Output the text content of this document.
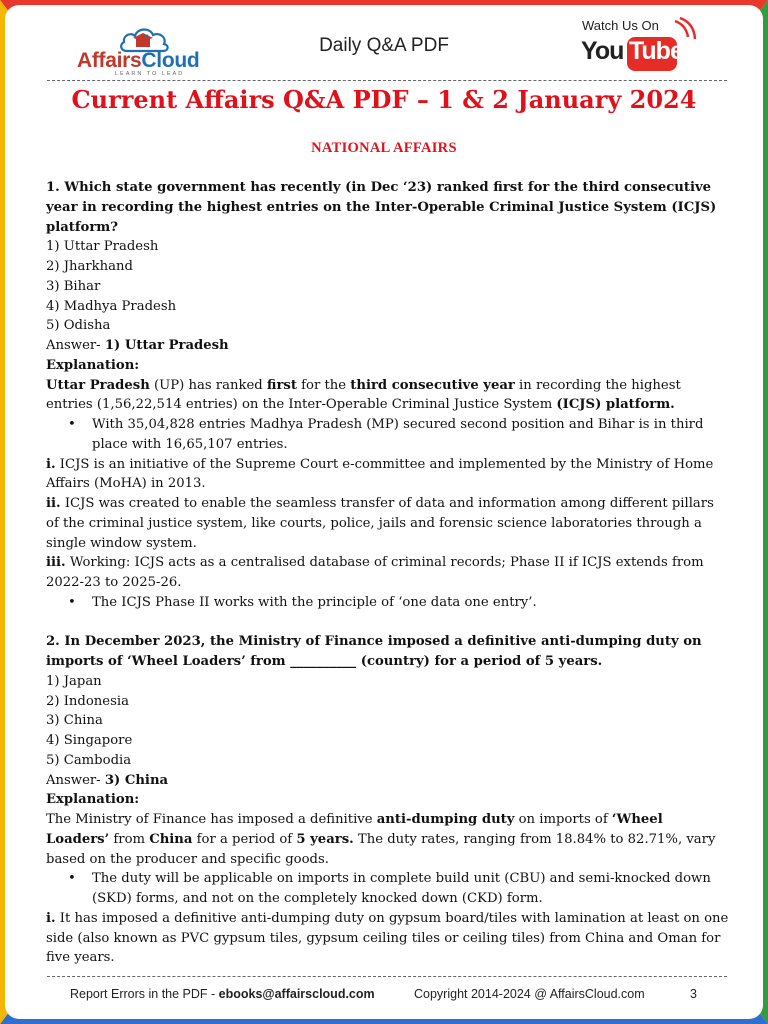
AffairsCloud
LEARN TO LEAD
Daily Q&A PDF
Watch Us On
You Tube
Current Affairs Q&A PDF – 1 & 2 January 2024
NATIONAL AFFAIRS

1. Which state government has recently (in Dec ‘23) ranked first for the third consecutive year in recording the highest entries on the Inter-Operable Criminal Justice System (ICJS) platform?

1) Uttar Pradesh

2) Jharkhand

3) Bihar

4) Madhya Pradesh

5) Odisha

Answer- 1) Uttar Pradesh

Explanation:

Uttar Pradesh (UP) has ranked first for the third consecutive year in recording the highest entries (1,56,22,514 entries) on the Inter-Operable Criminal Justice System (ICJS) platform.

• With 35,04,828 entries Madhya Pradesh (MP) secured second position and Bihar is in third place with 16,65,107 entries.

i. ICJS is an initiative of the Supreme Court e-committee and implemented by the Ministry of Home Affairs (MoHA) in 2013.

ii. ICJS was created to enable the seamless transfer of data and information among different pillars of the criminal justice system, like courts, police, jails and forensic science laboratories through a single window system.

iii. Working: ICJS acts as a centralised database of criminal records; Phase II if ICJS extends from 2022-23 to 2025-26.

• The ICJS Phase II works with the principle of ‘one data one entry’.

2. In December 2023, the Ministry of Finance imposed a definitive anti-dumping duty on imports of ‘Wheel Loaders’ from __________ (country) for a period of 5 years.

1) Japan

2) Indonesia

3) China

4) Singapore

5) Cambodia

Answer- 3) China

Explanation:

The Ministry of Finance has imposed a definitive anti-dumping duty on imports of ‘Wheel Loaders’ from China for a period of 5 years. The duty rates, ranging from 18.84% to 82.71%, vary based on the producer and specific goods.

• The duty will be applicable on imports in complete build unit (CBU) and semi-knocked down (SKD) forms, and not on the completely knocked down (CKD) form.

i. It has imposed a definitive anti-dumping duty on gypsum board/tiles with lamination at least on one side (also known as PVC gypsum tiles, gypsum ceiling tiles or ceiling tiles) from China and Oman for five years.

Report Errors in the PDF - ebooks@affairscloud.com	Copyright 2014-2024 @ AffairsCloud.com	3
